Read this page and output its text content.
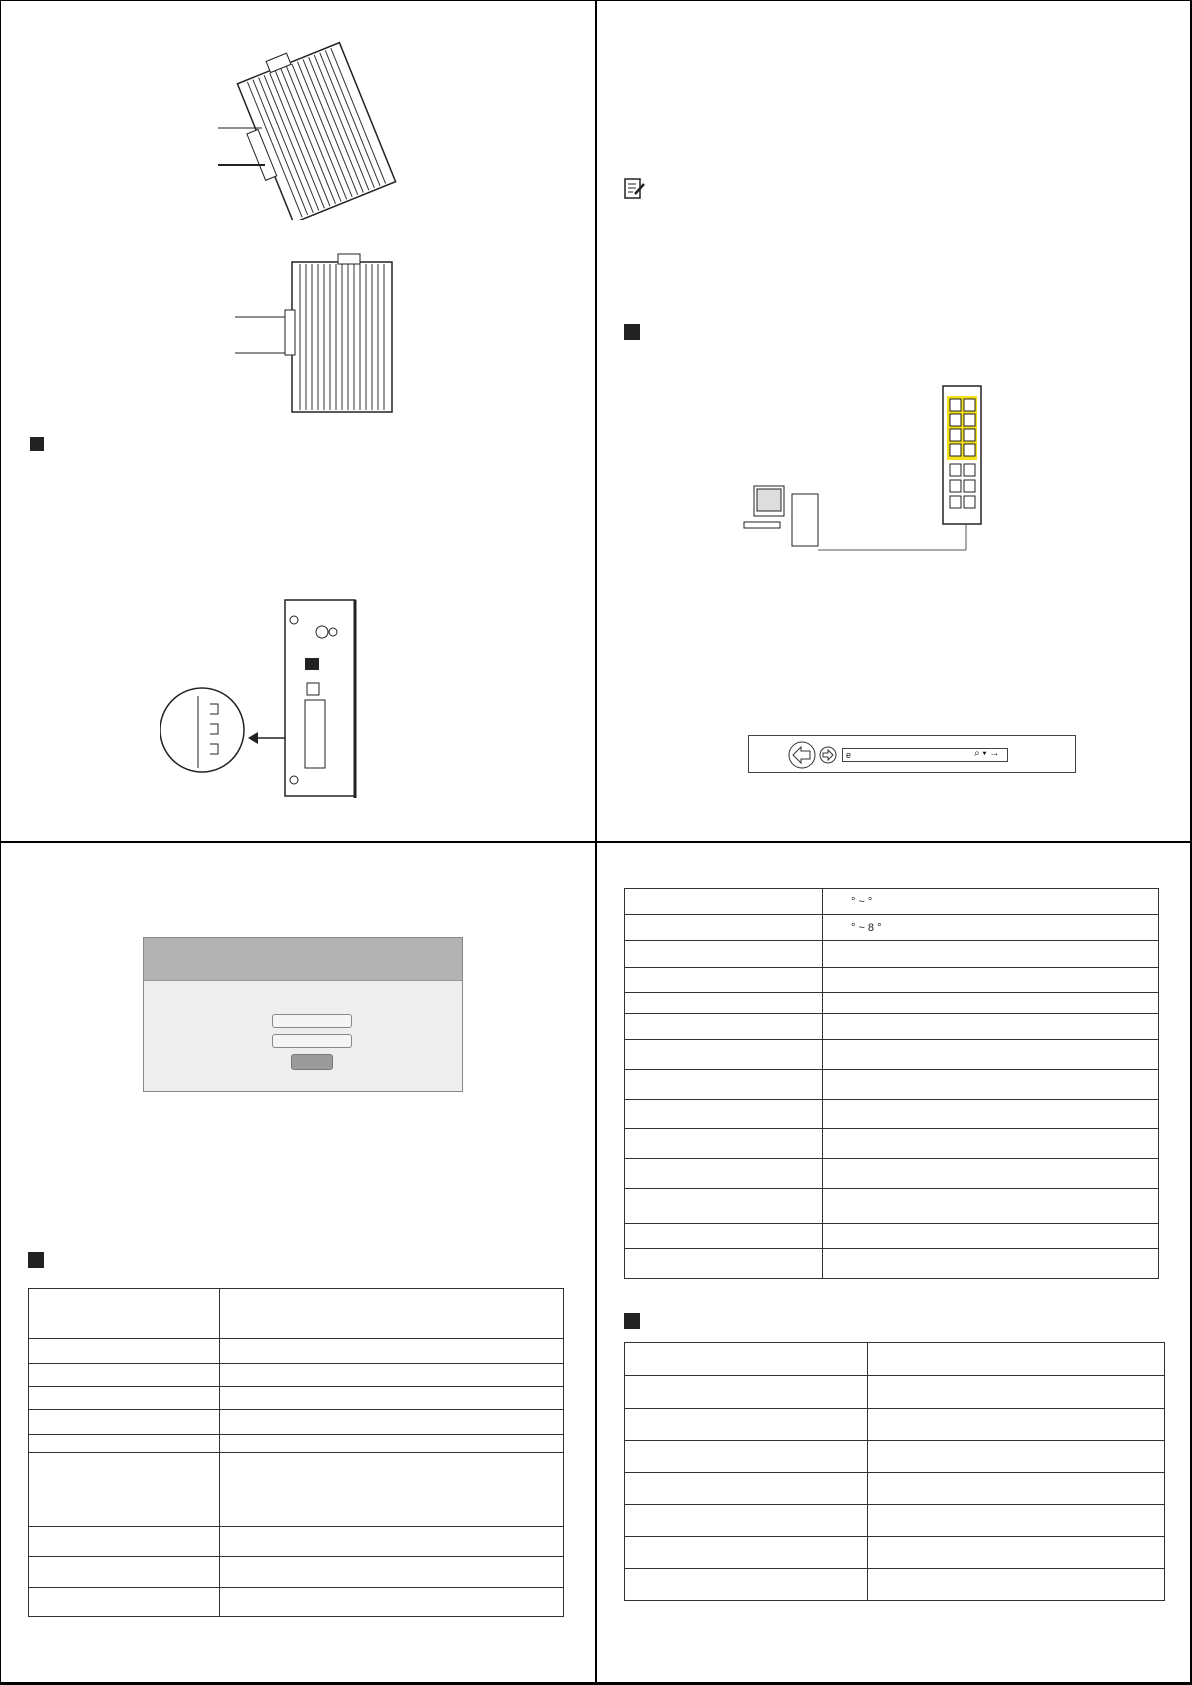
e	⌕ ▾ →

	° ~ °
	° ~ 8 °
